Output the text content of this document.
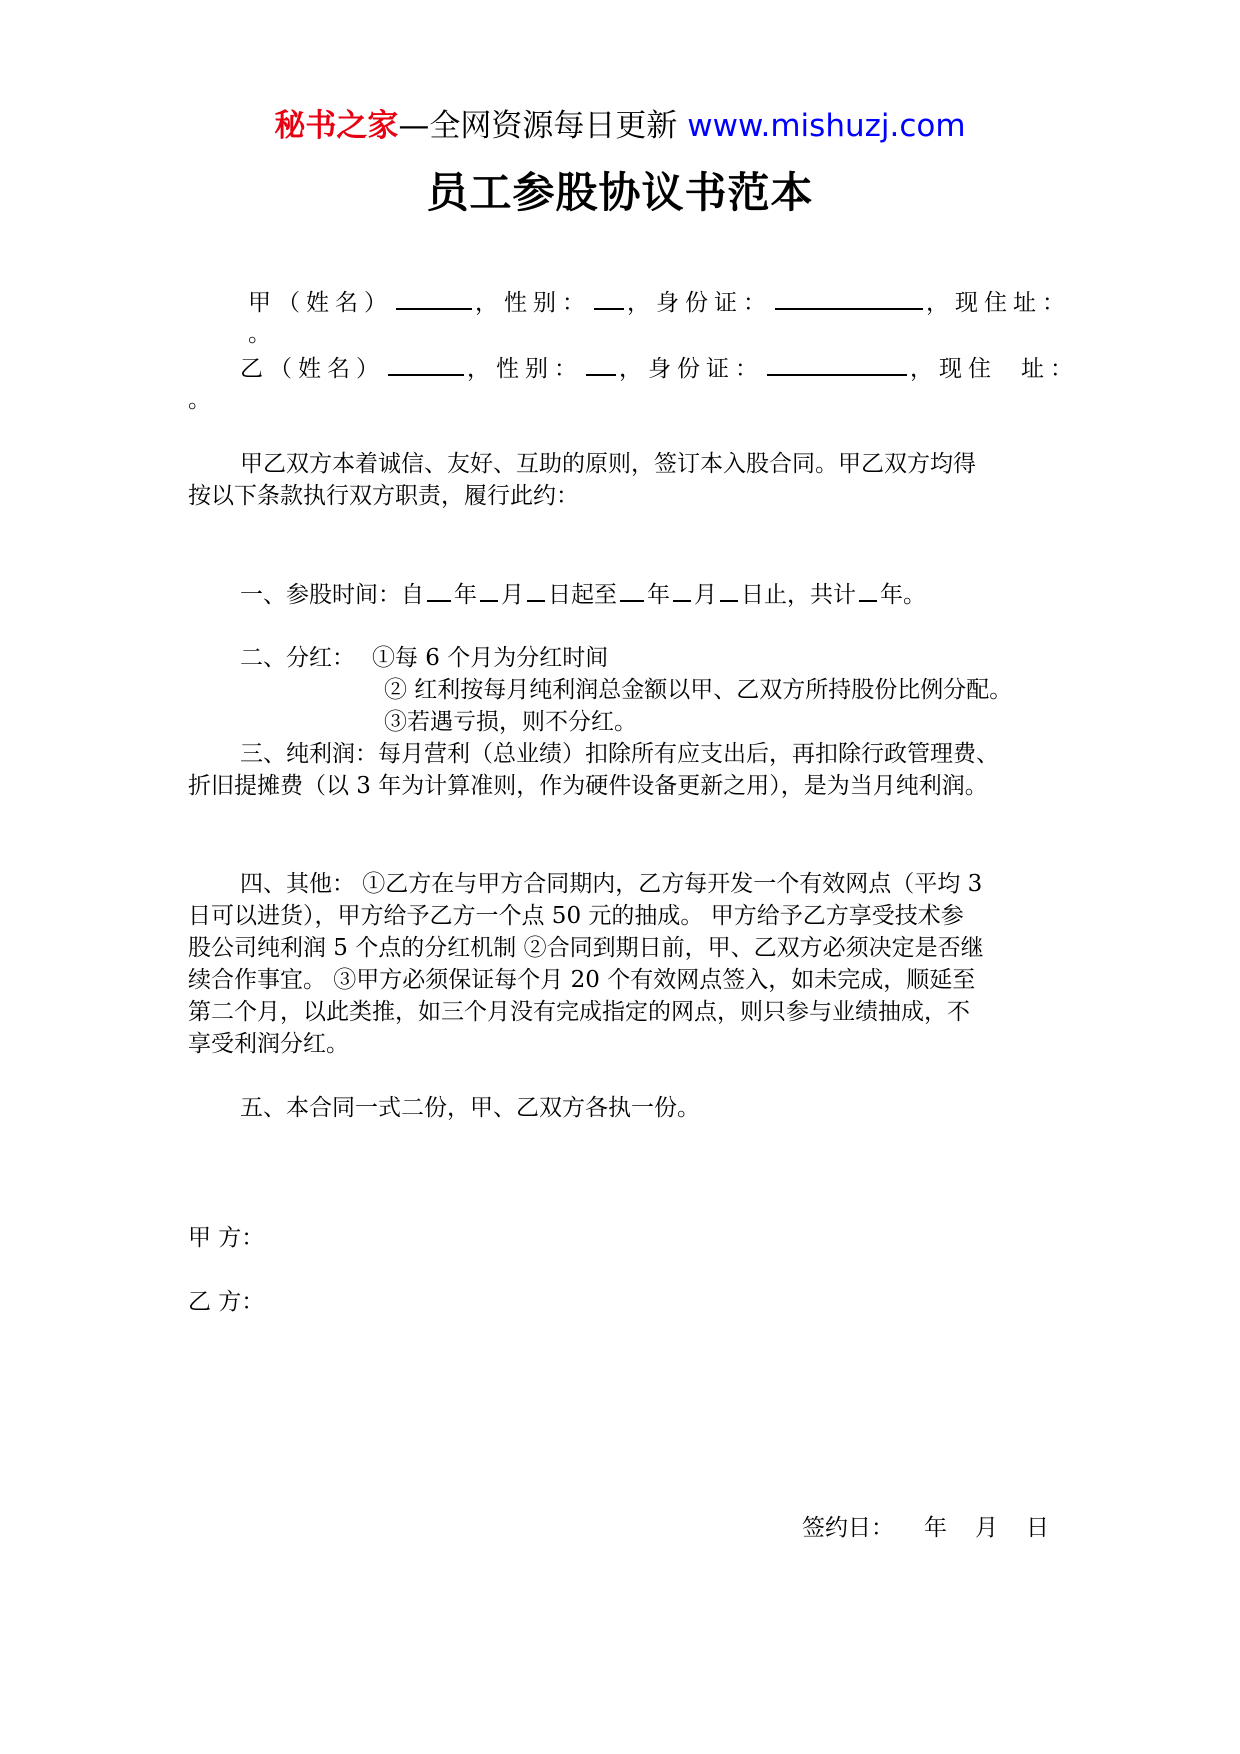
秘书之家—全网资源每日更新 www.mishuzj.com
员工参股协议书范本
甲（姓名）	，性别： ，身份证：	，现住址：
。
乙（姓名）	，性别： ，身份证：	，现住 址：
。
甲乙双方本着诚信、友好、互助的原则，签订本入股合同。甲乙双方均得
按以下条款执行双方职责，履行此约：
一、参股时间：自 年 月 日起至 年 月 日止，共计 年。
二、分红： ①每 6 个月为分红时间
② 红利按每月纯利润总金额以甲、乙双方所持股份比例分配。
③若遇亏损，则不分红。
三、纯利润：每月营利（总业绩）扣除所有应支出后，再扣除行政管理费、
折旧提摊费（以 3 年为计算准则，作为硬件设备更新之用），是为当月纯利润。
四、其他： ①乙方在与甲方合同期内，乙方每开发一个有效网点（平均 3
日可以进货），甲方给予乙方一个点 50 元的抽成。 甲方给予乙方享受技术参
股公司纯利润 5 个点的分红机制 ②合同到期日前，甲、乙双方必须决定是否继
续合作事宜。 ③甲方必须保证每个月 20 个有效网点签入，如未完成，顺延至
第二个月，以此类推，如三个月没有完成指定的网点，则只参与业绩抽成，不
享受利润分红。
五、本合同一式二份，甲、乙双方各执一份。
甲 方：
乙 方：
签约日： 年 月 日
